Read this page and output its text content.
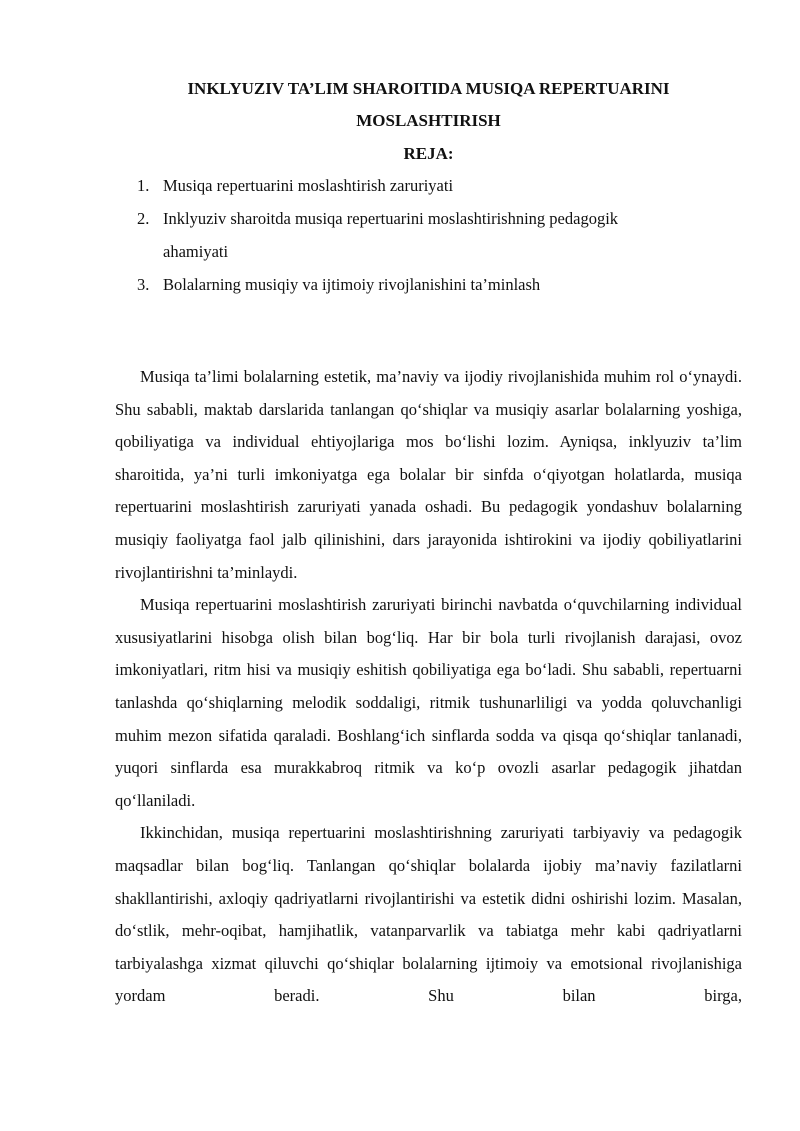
INKLYUZIV TA’LIM SHAROITIDA MUSIQA REPERTUARINI
MOSLASHTIRISH
REJA:
1. Musiqa repertuarini moslashtirish zaruriyati
2. Inklyuziv sharoitda musiqa repertuarini moslashtirishning pedagogik ahamiyati
3. Bolalarning musiqiy va ijtimoiy rivojlanishini ta’minlash

Musiqa ta’limi bolalarning estetik, ma’naviy va ijodiy rivojlanishida muhim rol o‘ynaydi. Shu sababli, maktab darslarida tanlangan qo‘shiqlar va musiqiy asarlar bolalarning yoshiga, qobiliyatiga va individual ehtiyojlariga mos bo‘lishi lozim. Ayniqsa, inklyuziv ta’lim sharoitida, ya’ni turli imkoniyatga ega bolalar bir sinfda o‘qiyotgan holatlarda, musiqa repertuarini moslashtirish zaruriyati yanada oshadi. Bu pedagogik yondashuv bolalarning musiqiy faoliyatga faol jalb qilinishini, dars jarayonida ishtirokini va ijodiy qobiliyatlarini rivojlantirishni ta’minlaydi.

Musiqa repertuarini moslashtirish zaruriyati birinchi navbatda o‘quvchilarning individual xususiyatlarini hisobga olish bilan bog‘liq. Har bir bola turli rivojlanish darajasi, ovoz imkoniyatlari, ritm hisi va musiqiy eshitish qobiliyatiga ega bo‘ladi. Shu sababli, repertuarni tanlashda qo‘shiqlarning melodik soddaligi, ritmik tushunarliligi va yodda qoluvchanligi muhim mezon sifatida qaraladi. Boshlang‘ich sinflarda sodda va qisqa qo‘shiqlar tanlanadi, yuqori sinflarda esa murakkabroq ritmik va ko‘p ovozli asarlar pedagogik jihatdan qo‘llaniladi.

Ikkinchidan, musiqa repertuarini moslashtirishning zaruriyati tarbiyaviy va pedagogik maqsadlar bilan bog‘liq. Tanlangan qo‘shiqlar bolalarda ijobiy ma’naviy fazilatlarni shakllantirishi, axloqiy qadriyatlarni rivojlantirishi va estetik didni oshirishi lozim. Masalan, do‘stlik, mehr-oqibat, hamjihatlik, vatanparvarlik va tabiatga mehr kabi qadriyatlarni tarbiyalashga xizmat qiluvchi qo‘shiqlar bolalarning ijtimoiy va emotsional rivojlanishiga yordam beradi. Shu bilan birga,
